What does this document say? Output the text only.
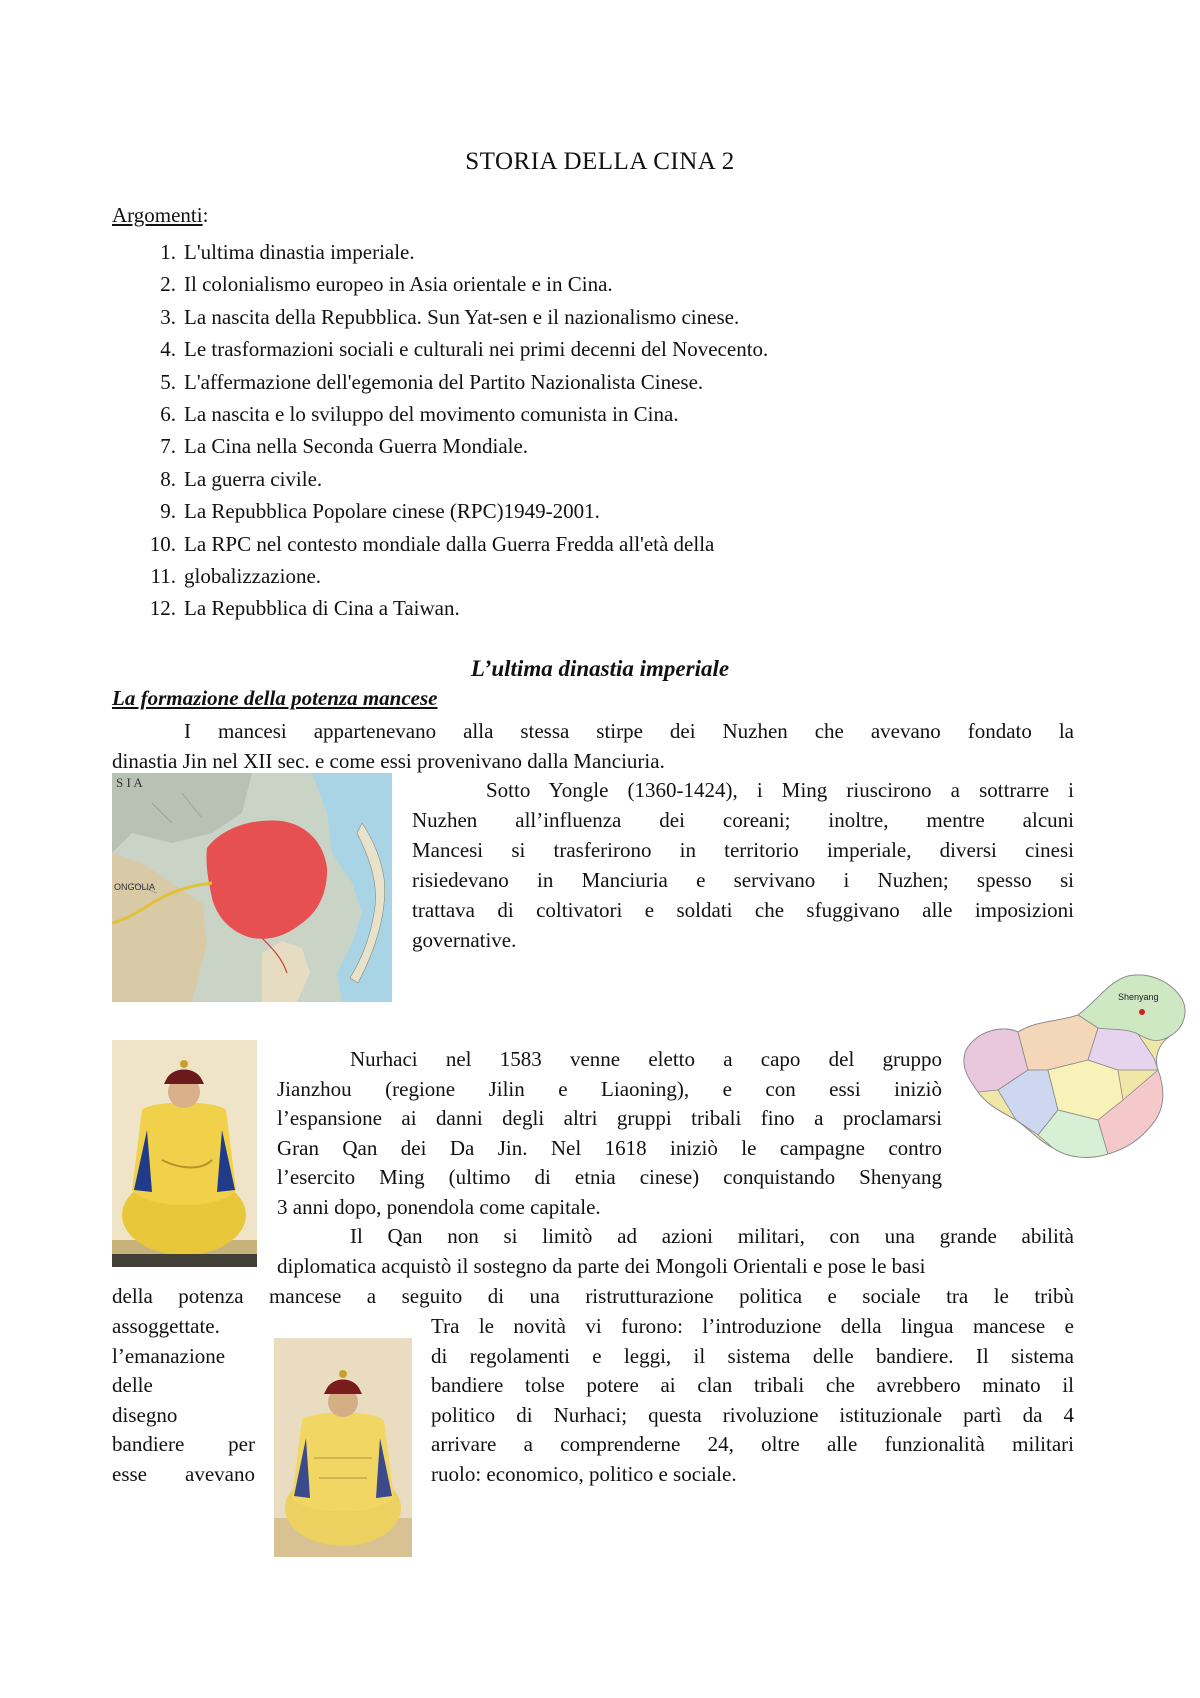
STORIA DELLA CINA 2
Argomenti:
1. L'ultima dinastia imperiale.
2. Il colonialismo europeo in Asia orientale e in Cina.
3. La nascita della Repubblica. Sun Yat-sen e il nazionalismo cinese.
4. Le trasformazioni sociali e culturali nei primi decenni del Novecento.
5. L'affermazione dell'egemonia del Partito Nazionalista Cinese.
6. La nascita e lo sviluppo del movimento comunista in Cina.
7. La Cina nella Seconda Guerra Mondiale.
8. La guerra civile.
9. La Repubblica Popolare cinese (RPC)1949-2001.
10. La RPC nel contesto mondiale dalla Guerra Fredda all'età della
11. globalizzazione.
12. La Repubblica di Cina a Taiwan.
L’ultima dinastia imperiale
La formazione della potenza mancese
I mancesi appartenevano alla stessa stirpe dei Nuzhen che avevano fondato la
dinastia Jin nel XII sec. e come essi provenivano dalla Manciuria.
S I A
ONGOLIA
Sotto Yongle (1360-1424), i Ming riuscirono a sottrarre i
Nuzhen all’influenza dei coreani; inoltre, mentre alcuni
Mancesi si trasferirono in territorio imperiale, diversi cinesi
risiedevano in Manciuria e servivano i Nuzhen; spesso si
trattava di coltivatori e soldati che sfuggivano alle imposizioni
governative.
Shenyang
Nurhaci nel 1583 venne eletto a capo del gruppo
Jianzhou (regione Jilin e Liaoning), e con essi iniziò
l’espansione ai danni degli altri gruppi tribali fino a proclamarsi
Gran Qan dei Da Jin. Nel 1618 iniziò le campagne contro
l’esercito Ming (ultimo di etnia cinese) conquistando Shenyang
3 anni dopo, ponendola come capitale.
Il Qan non si limitò ad azioni militari, con una grande abilità
diplomatica acquistò il sostegno da parte dei Mongoli Orientali e pose le basi
della potenza mancese a seguito di una ristrutturazione politica e sociale tra le tribù
assoggettate.
l’emanazione
delle
disegno
bandiere per
esse avevano
Tra le novità vi furono: l’introduzione della lingua mancese e
di regolamenti e leggi, il sistema delle bandiere. Il sistema
bandiere tolse potere ai clan tribali che avrebbero minato il
politico di Nurhaci; questa rivoluzione istituzionale partì da 4
arrivare a comprenderne 24, oltre alle funzionalità militari
ruolo: economico, politico e sociale.
